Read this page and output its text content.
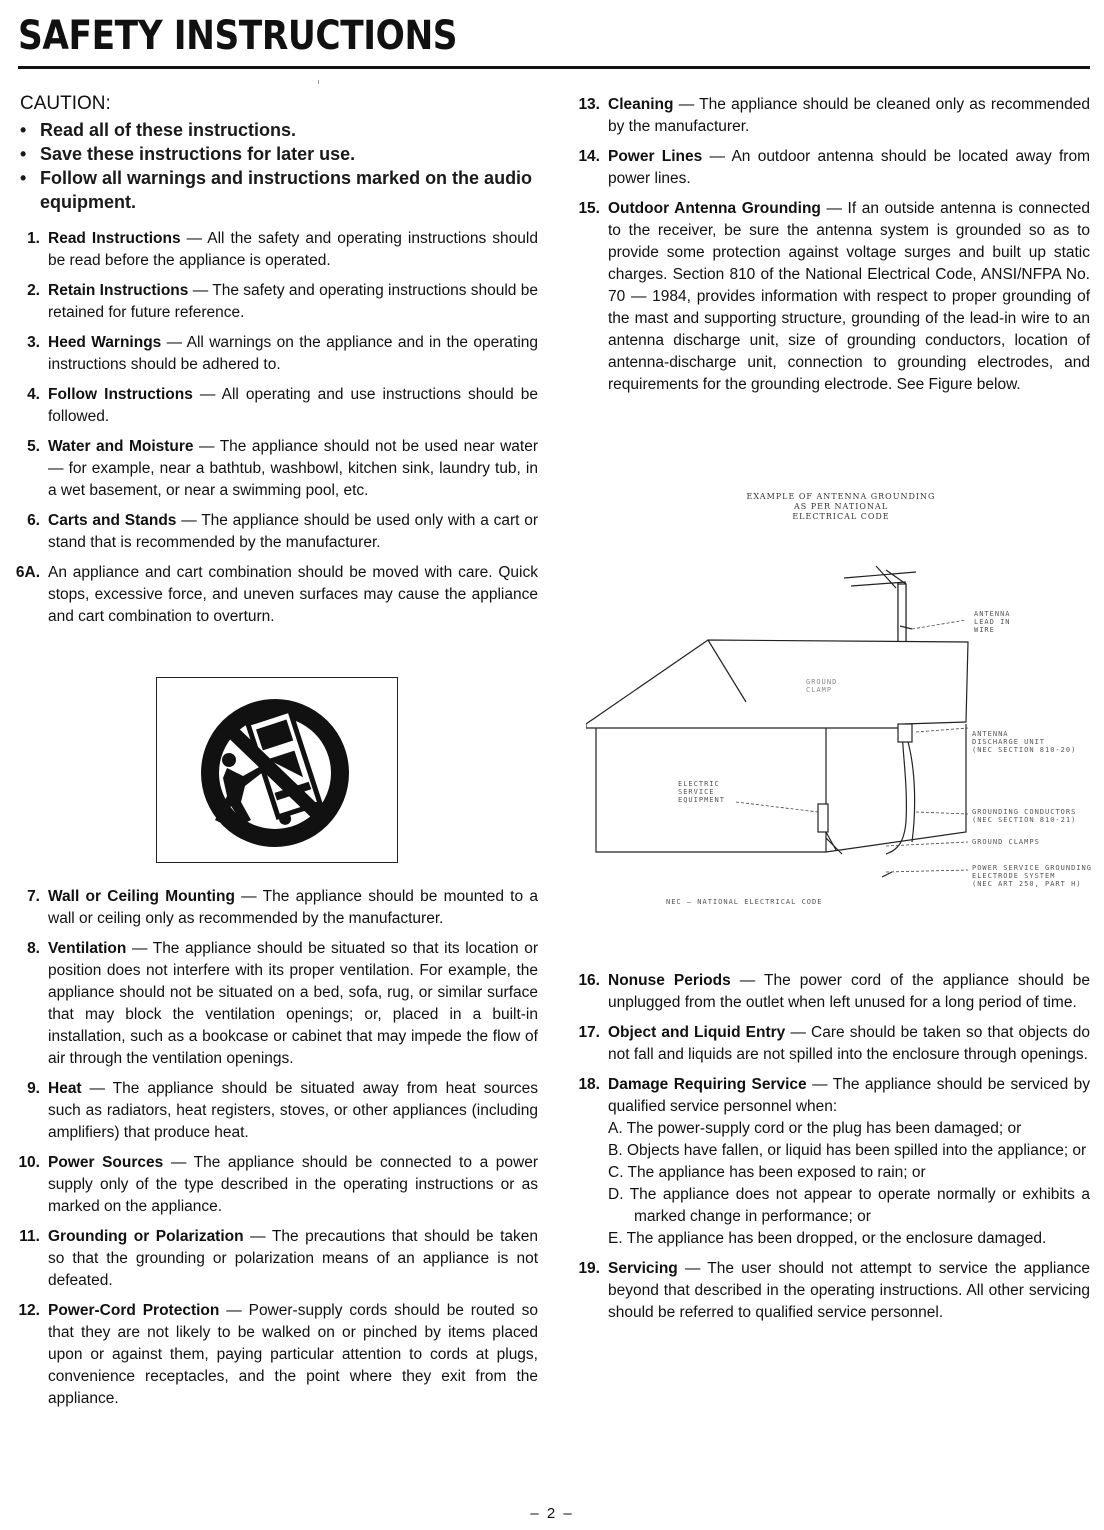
SAFETY INSTRUCTIONS
CAUTION:
• Read all of these instructions.
• Save these instructions for later use.
• Follow all warnings and instructions marked on the audio equipment.
1. Read Instructions — All the safety and operating instructions should be read before the appliance is operated.
2. Retain Instructions — The safety and operating instructions should be retained for future reference.
3. Heed Warnings — All warnings on the appliance and in the operating instructions should be adhered to.
4. Follow Instructions — All operating and use instructions should be followed.
5. Water and Moisture — The appliance should not be used near water — for example, near a bathtub, washbowl, kitchen sink, laundry tub, in a wet basement, or near a swimming pool, etc.
6. Carts and Stands — The appliance should be used only with a cart or stand that is recommended by the manufacturer.
6A. An appliance and cart combination should be moved with care. Quick stops, excessive force, and uneven surfaces may cause the appliance and cart combination to overturn.
7. Wall or Ceiling Mounting — The appliance should be mounted to a wall or ceiling only as recommended by the manufacturer.
8. Ventilation — The appliance should be situated so that its location or position does not interfere with its proper ventilation. For example, the appliance should not be situated on a bed, sofa, rug, or similar surface that may block the ventilation openings; or, placed in a built-in installation, such as a bookcase or cabinet that may impede the flow of air through the ventilation openings.
9. Heat — The appliance should be situated away from heat sources such as radiators, heat registers, stoves, or other appliances (including amplifiers) that produce heat.
10. Power Sources — The appliance should be connected to a power supply only of the type described in the operating instructions or as marked on the appliance.
11. Grounding or Polarization — The precautions that should be taken so that the grounding or polarization means of an appliance is not defeated.
12. Power-Cord Protection — Power-supply cords should be routed so that they are not likely to be walked on or pinched by items placed upon or against them, paying particular attention to cords at plugs, convenience receptacles, and the point where they exit from the appliance.
13. Cleaning — The appliance should be cleaned only as recommended by the manufacturer.
14. Power Lines — An outdoor antenna should be located away from power lines.
15. Outdoor Antenna Grounding — If an outside antenna is connected to the receiver, be sure the antenna system is grounded so as to provide some protection against voltage surges and built up static charges. Section 810 of the National Electrical Code, ANSI/NFPA No. 70 — 1984, provides information with respect to proper grounding of the mast and supporting structure, grounding of the lead-in wire to an antenna discharge unit, size of grounding conductors, location of antenna-discharge unit, connection to grounding electrodes, and requirements for the grounding electrode. See Figure below.
EXAMPLE OF ANTENNA GROUNDING
AS PER NATIONAL
ELECTRICAL CODE
ANTENNA
LEAD IN
WIRE
GROUND
CLAMP
ANTENNA
DISCHARGE UNIT
(NEC SECTION 810-20)
ELECTRIC
SERVICE
EQUIPMENT
GROUNDING CONDUCTORS
(NEC SECTION 810-21)
GROUND CLAMPS
POWER SERVICE GROUNDING
ELECTRODE SYSTEM
(NEC ART 250, PART H)
NEC — NATIONAL ELECTRICAL CODE
16. Nonuse Periods — The power cord of the appliance should be unplugged from the outlet when left unused for a long period of time.
17. Object and Liquid Entry — Care should be taken so that objects do not fall and liquids are not spilled into the enclosure through openings.
18. Damage Requiring Service — The appliance should be serviced by qualified service personnel when:

A. The power-supply cord or the plug has been damaged; or

B. Objects have fallen, or liquid has been spilled into the appliance; or

C. The appliance has been exposed to rain; or

D. The appliance does not appear to operate normally or exhibits a marked change in performance; or

E. The appliance has been dropped, or the enclosure damaged.

19. Servicing — The user should not attempt to service the appliance beyond that described in the operating instructions. All other servicing should be referred to qualified service personnel.
– 2 –
